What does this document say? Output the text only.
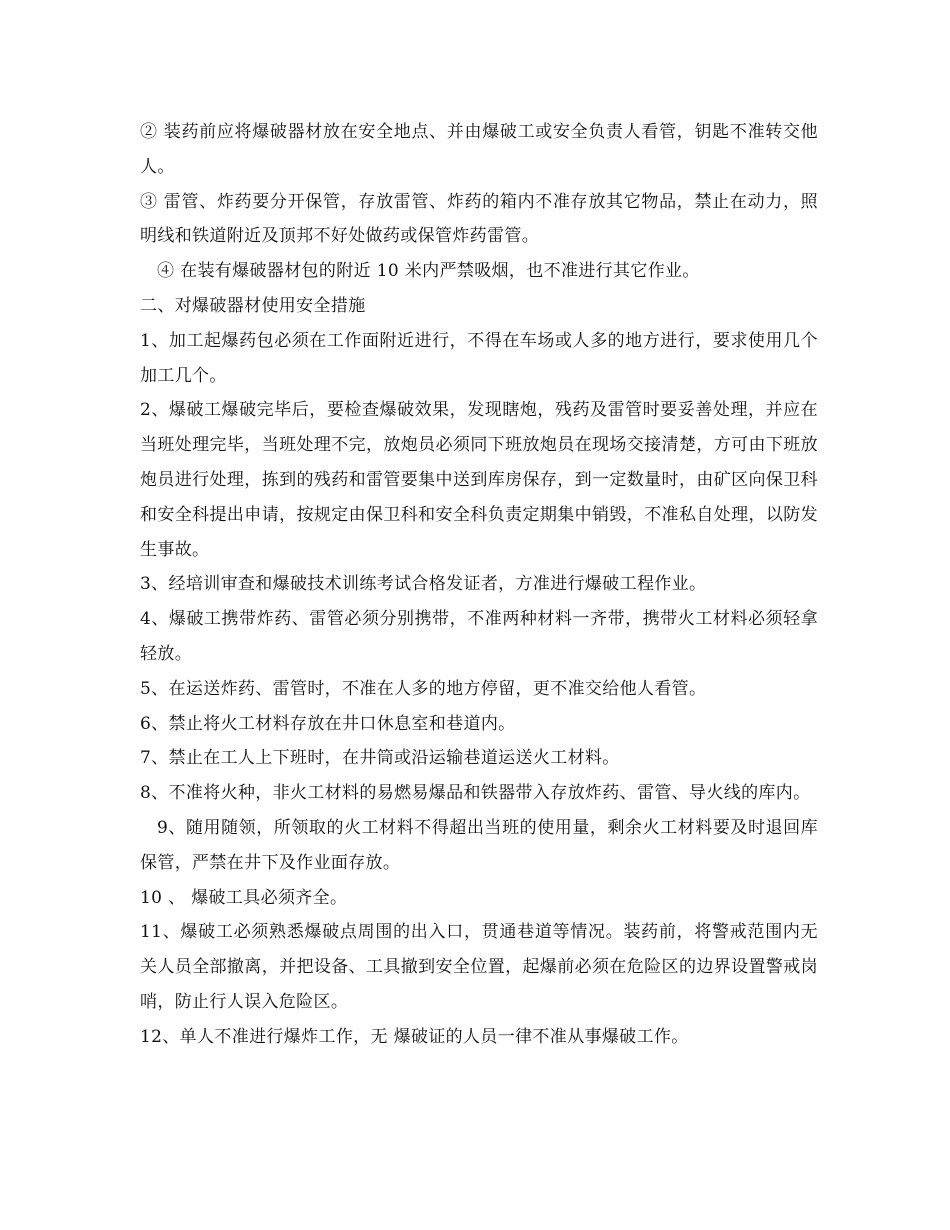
② 装药前应将爆破器材放在安全地点、并由爆破工或安全负责人看管，钥匙不准转交他人。

③ 雷管、炸药要分开保管，存放雷管、炸药的箱内不准存放其它物品，禁止在动力，照明线和铁道附近及顶邦不好处做药或保管炸药雷管。

④ 在装有爆破器材包的附近 10 米内严禁吸烟，也不准进行其它作业。

二、对爆破器材使用安全措施

1、加工起爆药包必须在工作面附近进行，不得在车场或人多的地方进行，要求使用几个加工几个。

2、爆破工爆破完毕后，要检查爆破效果，发现瞎炮，残药及雷管时要妥善处理，并应在当班处理完毕，当班处理不完，放炮员必须同下班放炮员在现场交接清楚，方可由下班放炮员进行处理，拣到的残药和雷管要集中送到库房保存，到一定数量时，由矿区向保卫科和安全科提出申请，按规定由保卫科和安全科负责定期集中销毁，不准私自处理，以防发生事故。

3、经培训审查和爆破技术训练考试合格发证者，方准进行爆破工程作业。

4、爆破工携带炸药、雷管必须分别携带，不准两种材料一齐带，携带火工材料必须轻拿轻放。

5、在运送炸药、雷管时，不准在人多的地方停留，更不准交给他人看管。

6、禁止将火工材料存放在井口休息室和巷道内。

7、禁止在工人上下班时，在井筒或沿运输巷道运送火工材料。

8、不准将火种，非火工材料的易燃易爆品和铁器带入存放炸药、雷管、导火线的库内。

9、随用随领，所领取的火工材料不得超出当班的使用量，剩余火工材料要及时退回库保管，严禁在井下及作业面存放。

10 、 爆破工具必须齐全。

11、爆破工必须熟悉爆破点周围的出入口，贯通巷道等情况。装药前，将警戒范围内无关人员全部撤离，并把设备、工具撤到安全位置，起爆前必须在危险区的边界设置警戒岗哨，防止行人误入危险区。

12、单人不准进行爆炸工作，无 爆破证的人员一律不准从事爆破工作。
